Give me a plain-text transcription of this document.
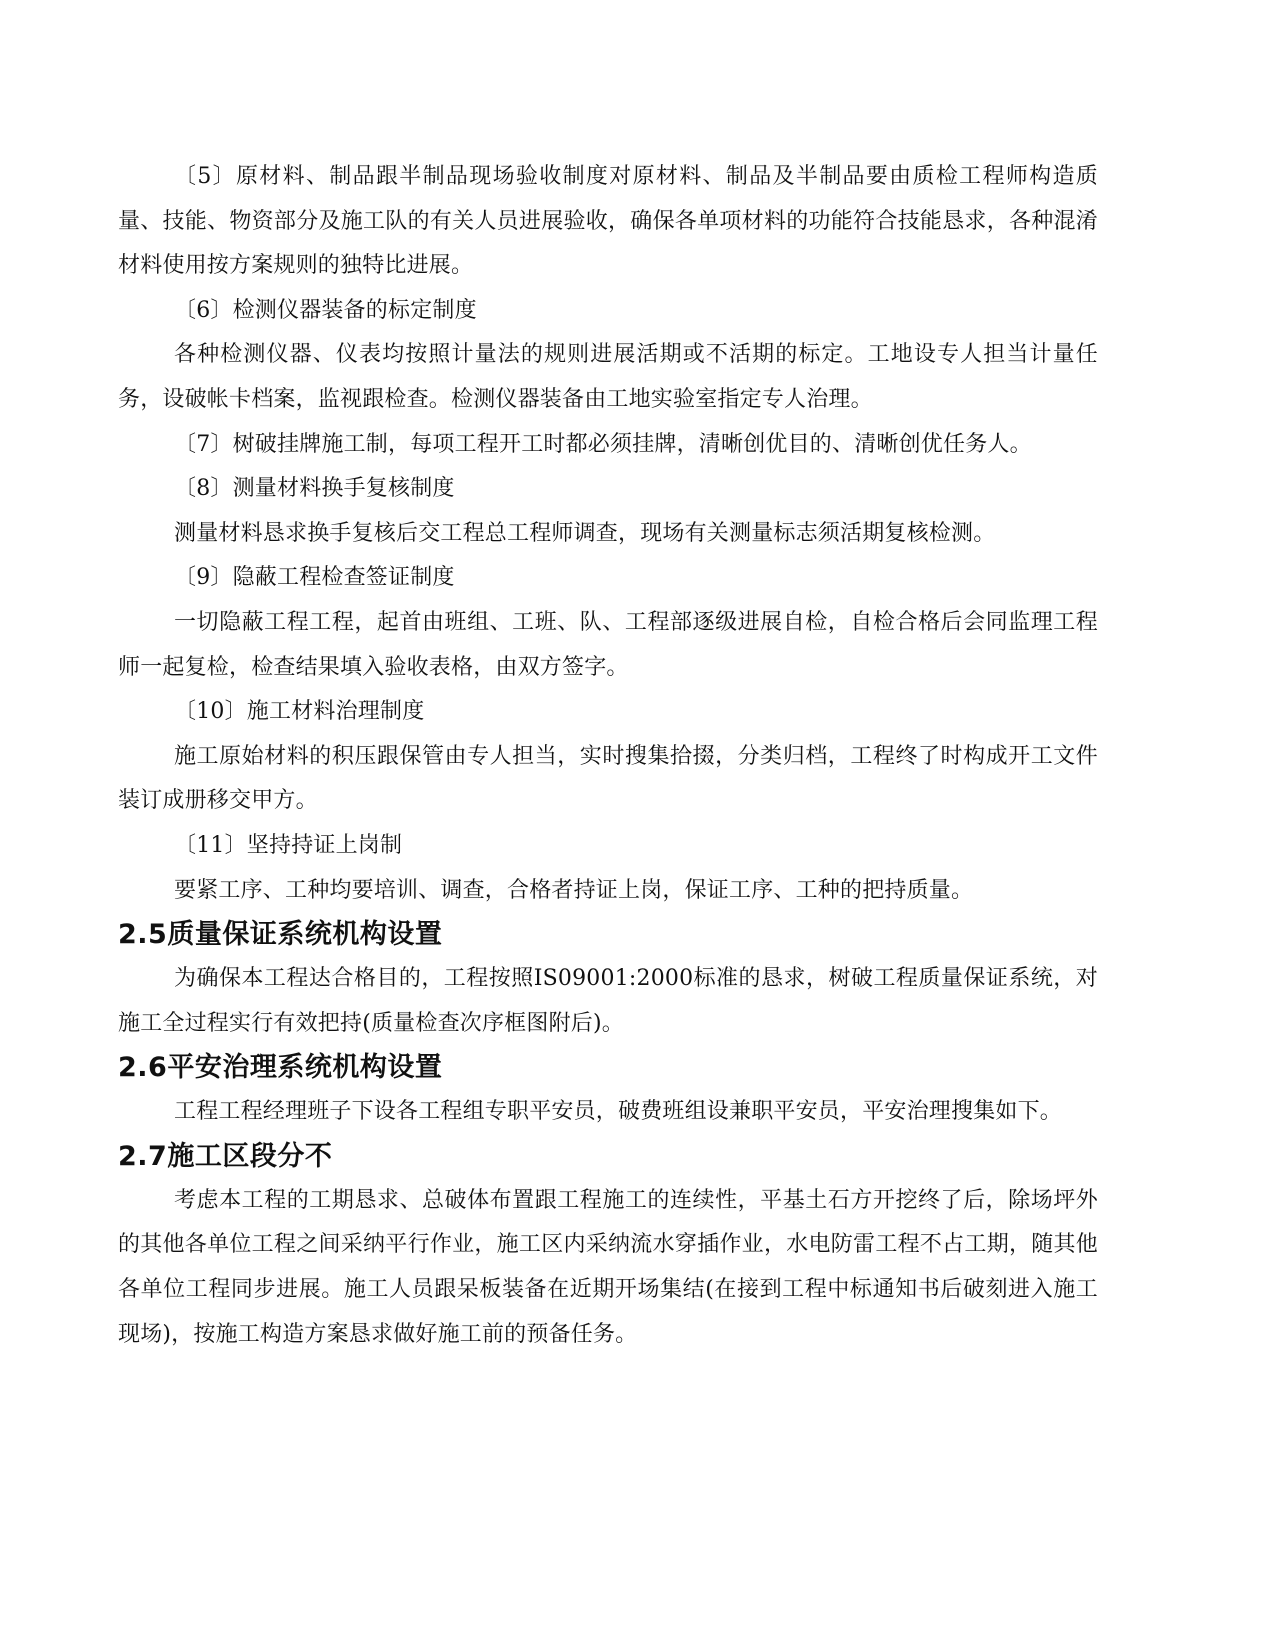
〔5〕原材料、制品跟半制品现场验收制度对原材料、制品及半制品要由质检工程师构造质量、技能、物资部分及施工队的有关人员进展验收，确保各单项材料的功能符合技能恳求，各种混淆材料使用按方案规则的独特比进展。

〔6〕检测仪器装备的标定制度

各种检测仪器、仪表均按照计量法的规则进展活期或不活期的标定。工地设专人担当计量任务，设破帐卡档案，监视跟检查。检测仪器装备由工地实验室指定专人治理。

〔7〕树破挂牌施工制，每项工程开工时都必须挂牌，清晰创优目的、清晰创优任务人。

〔8〕测量材料换手复核制度

测量材料恳求换手复核后交工程总工程师调查，现场有关测量标志须活期复核检测。

〔9〕隐蔽工程检查签证制度

一切隐蔽工程工程，起首由班组、工班、队、工程部逐级进展自检，自检合格后会同监理工程师一起复检，检查结果填入验收表格，由双方签字。

〔10〕施工材料治理制度

施工原始材料的积压跟保管由专人担当，实时搜集拾掇，分类归档，工程终了时构成开工文件装订成册移交甲方。

〔11〕坚持持证上岗制

要紧工序、工种均要培训、调查，合格者持证上岗，保证工序、工种的把持质量。

2.5质量保证系统机构设置

为确保本工程达合格目的，工程按照IS09001:2000标准的恳求，树破工程质量保证系统，对施工全过程实行有效把持(质量检查次序框图附后)。

2.6平安治理系统机构设置

工程工程经理班子下设各工程组专职平安员，破费班组设兼职平安员，平安治理搜集如下。

2.7施工区段分不

考虑本工程的工期恳求、总破体布置跟工程施工的连续性，平基土石方开挖终了后，除场坪外的其他各单位工程之间采纳平行作业，施工区内采纳流水穿插作业，水电防雷工程不占工期，随其他各单位工程同步进展。施工人员跟呆板装备在近期开场集结(在接到工程中标通知书后破刻进入施工现场)，按施工构造方案恳求做好施工前的预备任务。
